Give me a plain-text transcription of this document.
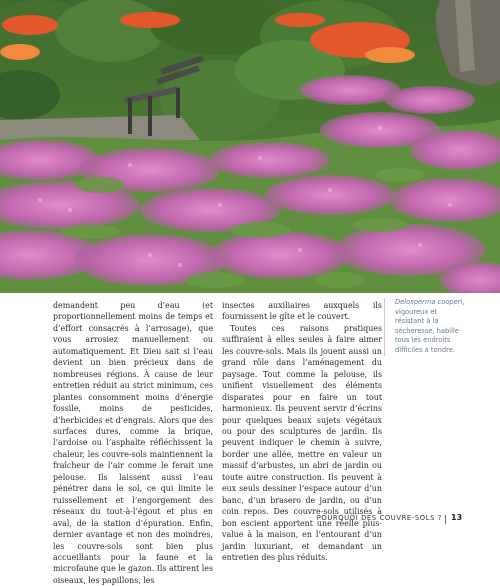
demandent peu d’eau (et proportionnellement moins de temps et d’effort consacrés à l’arrosage), que vous arrosiez manuellement ou automatiquement. Et Dieu sait si l’eau devient un bien précieux dans de nombreuses régions. À cause de leur entretien réduit au strict minimum, ces plantes consomment moins d’énergie fossile, moins de pesticides, d’herbicides et d’engrais. Alors que des surfaces dures, comme la brique, l’ardoise ou l’asphalte réfléchissent la chaleur, les couvre-sols maintiennent la fraîcheur de l’air comme le ferait une pelouse. Ils laissent aussi l’eau pénétrer dans le sol, ce qui limite le ruissellement et l’engorgement des réseaux du tout-à-l’égout et plus en aval, de la station d’épuration. Enfin, dernier avantage et non des moindres, les couvre-sols sont bien plus accueillants pour la faune et la microfaune que le gazon. Ils attirent les oiseaux, les papillons, les

insectes auxiliaires auxquels ils fournissent le gîte et le couvert.

Toutes ces raisons pratiques suffiraient à elles seules à faire aimer les couvre-sols. Mais ils jouent aussi un grand rôle dans l’aménagement du paysage. Tout comme la pelouse, ils unifient visuellement des éléments disparates pour en faire un tout harmonieux. Ils peuvent servir d’écrins pour quelques beaux sujets végétaux ou pour des sculptures de jardin. Ils peuvent indiquer le chemin à suivre, border une allée, mettre en valeur un massif d’arbustes, un abri de jardin ou toute autre construction. Ils peuvent à eux seuls dessiner l’espace autour d’un banc, d’un brasero de jardin, ou d’un coin repos. Des couvre-sols utilisés à bon escient apportent une réelle plus-value à la maison, en l’entourant d’un jardin luxuriant, et demandant un entretien des plus réduits.

Delosperma cooperi, vigoureux et résistant à la sécheresse, habille tous les endroits difficiles à tondre.
POURQUOI DES COUVRE-SOLS ? 13
